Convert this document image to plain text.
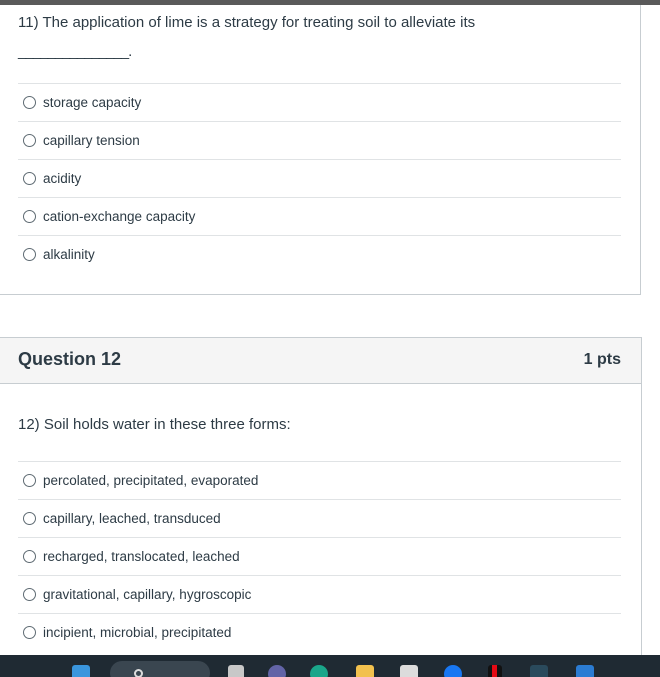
11) The application of lime is a strategy for treating soil to alleviate its
_______________.
storage capacity
capillary tension
acidity
cation-exchange capacity
alkalinity
Question 12	1 pts
12) Soil holds water in these three forms:
percolated, precipitated, evaporated
capillary, leached, transduced
recharged, translocated, leached
gravitational, capillary, hygroscopic
incipient, microbial, precipitated
